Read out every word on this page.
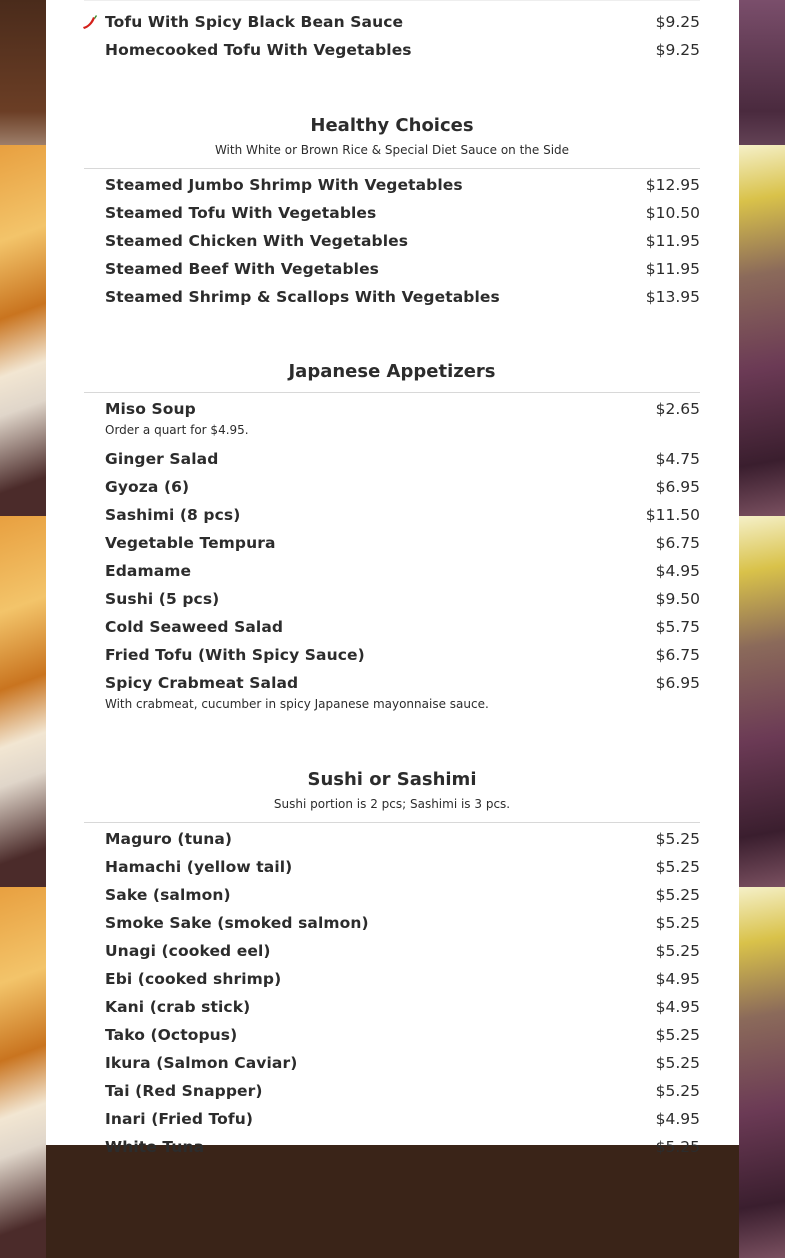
Tofu With Spicy Black Bean Sauce	$9.25
Homecooked Tofu With Vegetables	$9.25
Healthy Choices
With White or Brown Rice & Special Diet Sauce on the Side
Steamed Jumbo Shrimp With Vegetables	$12.95
Steamed Tofu With Vegetables	$10.50
Steamed Chicken With Vegetables	$11.95
Steamed Beef With Vegetables	$11.95
Steamed Shrimp & Scallops With Vegetables	$13.95
Japanese Appetizers
Miso Soup	$2.65
Order a quart for $4.95.
Ginger Salad	$4.75
Gyoza (6)	$6.95
Sashimi (8 pcs)	$11.50
Vegetable Tempura	$6.75
Edamame	$4.95
Sushi (5 pcs)	$9.50
Cold Seaweed Salad	$5.75
Fried Tofu (With Spicy Sauce)	$6.75
Spicy Crabmeat Salad	$6.95
With crabmeat, cucumber in spicy Japanese mayonnaise sauce.
Sushi or Sashimi
Sushi portion is 2 pcs; Sashimi is 3 pcs.
Maguro (tuna)	$5.25
Hamachi (yellow tail)	$5.25
Sake (salmon)	$5.25
Smoke Sake (smoked salmon)	$5.25
Unagi (cooked eel)	$5.25
Ebi (cooked shrimp)	$4.95
Kani (crab stick)	$4.95
Tako (Octopus)	$5.25
Ikura (Salmon Caviar)	$5.25
Tai (Red Snapper)	$5.25
Inari (Fried Tofu)	$4.95
White Tuna	$5.25
